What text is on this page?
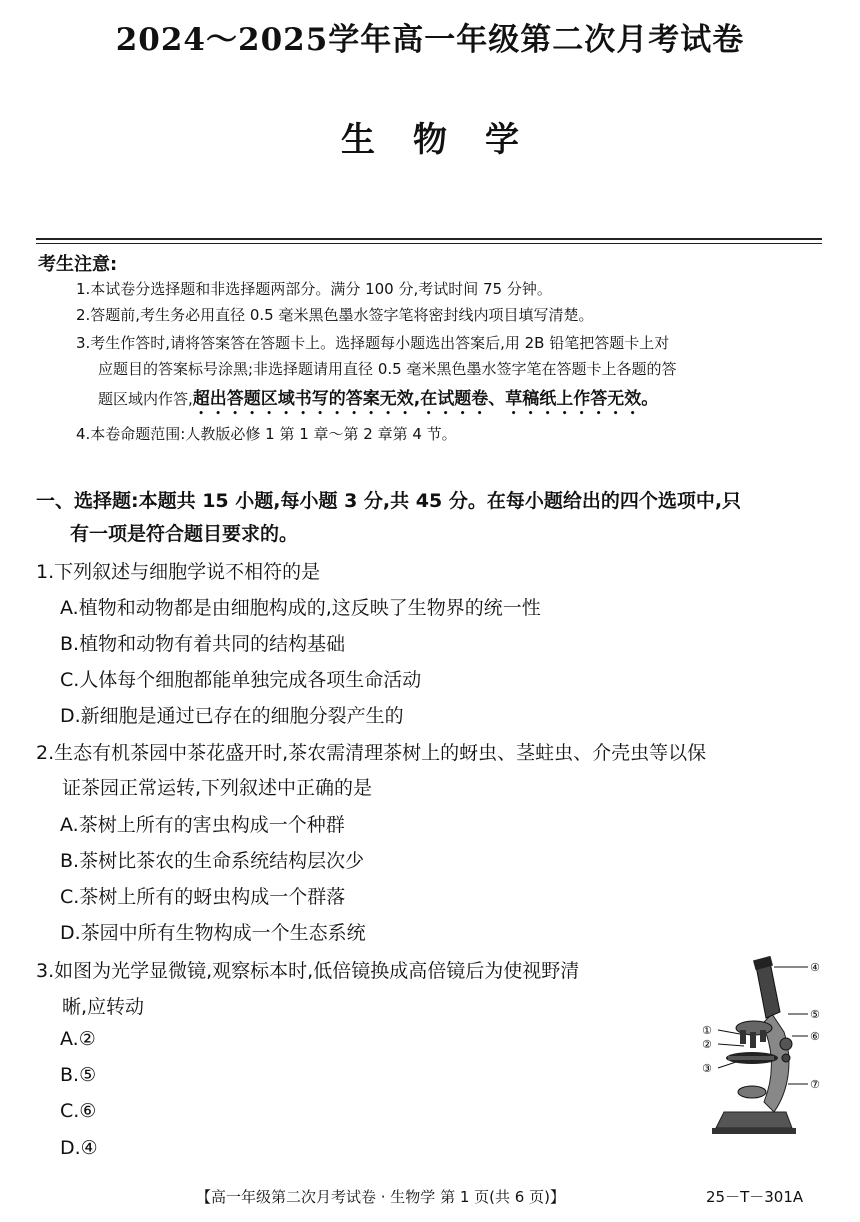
2024～2025学年高一年级第二次月考试卷
生物学
考生注意:
1.本试卷分选择题和非选择题两部分。满分 100 分,考试时间 75 分钟。
2.答题前,考生务必用直径 0.5 毫米黑色墨水签字笔将密封线内项目填写清楚。
3.考生作答时,请将答案答在答题卡上。选择题每小题选出答案后,用 2B 铅笔把答题卡上对
应题目的答案标号涂黑;非选择题请用直径 0.5 毫米黑色墨水签字笔在答题卡上各题的答
题区域内作答,超出答题区域书写的答案无效,在试题卷、草稿纸上作答无效。
4.本卷命题范围:人教版必修 1 第 1 章～第 2 章第 4 节。
一、选择题:本题共 15 小题,每小题 3 分,共 45 分。在每小题给出的四个选项中,只
有一项是符合题目要求的。
1.下列叙述与细胞学说不相符的是
A.植物和动物都是由细胞构成的,这反映了生物界的统一性
B.植物和动物有着共同的结构基础
C.人体每个细胞都能单独完成各项生命活动
D.新细胞是通过已存在的细胞分裂产生的
2.生态有机茶园中茶花盛开时,茶农需清理茶树上的蚜虫、茎蛀虫、介壳虫等以保
证茶园正常运转,下列叙述中正确的是
A.茶树上所有的害虫构成一个种群
B.茶树比茶农的生命系统结构层次少
C.茶树上所有的蚜虫构成一个群落
D.茶园中所有生物构成一个生态系统
3.如图为光学显微镜,观察标本时,低倍镜换成高倍镜后为使视野清
晰,应转动
A.②
B.⑤
C.⑥
D.④
④
⑤
⑥
⑦
①
②
③
【高一年级第二次月考试卷 · 生物学 第 1 页(共 6 页)】	25－T－301A
